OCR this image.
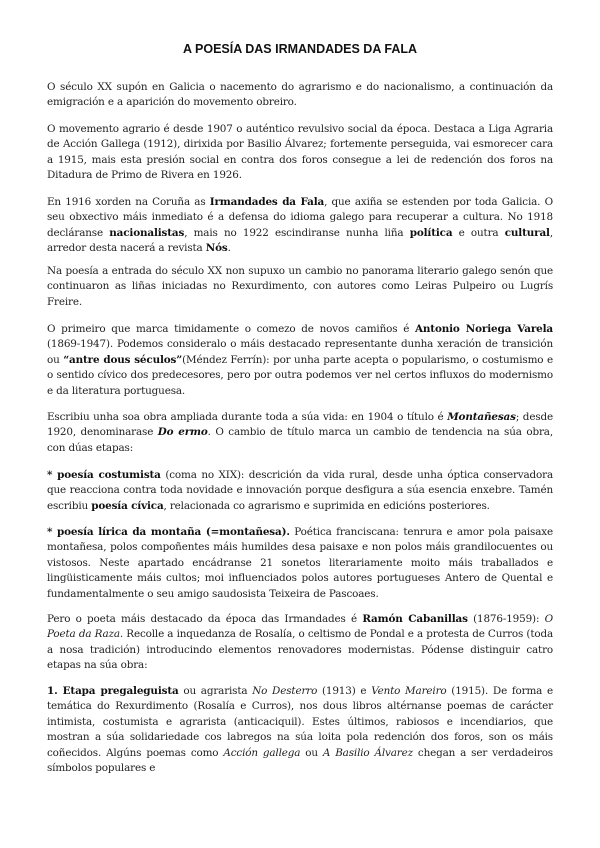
A POESÍA DAS IRMANDADES DA FALA

O século XX supón en Galicia o nacemento do agrarismo e do nacionalismo, a continuación da emigración e a aparición do movemento obreiro.

O movemento agrario é desde 1907 o auténtico revulsivo social da época. Destaca a Liga Agraria de Acción Gallega (1912), dirixida por Basilio Álvarez; fortemente perseguida, vai esmorecer cara a 1915, mais esta presión social en contra dos foros consegue a lei de redención dos foros na Ditadura de Primo de Rivera en 1926.

En 1916 xorden na Coruña as Irmandades da Fala, que axiña se estenden por toda Galicia. O seu obxectivo máis inmediato é a defensa do idioma galego para recuperar a cultura. No 1918 decláranse nacionalistas, mais no 1922 escindiranse nunha liña política e outra cultural, arredor desta nacerá a revista Nós.

Na poesía a entrada do século XX non supuxo un cambio no panorama literario galego senón que continuaron as liñas iniciadas no Rexurdimento, con autores como Leiras Pulpeiro ou Lugrís Freire.

O primeiro que marca timidamente o comezo de novos camiños é Antonio Noriega Varela (1869-1947). Podemos consideralo o máis destacado representante dunha xeración de transición ou “antre dous séculos”(Méndez Ferrín): por unha parte acepta o popularismo, o costumismo e o sentido cívico dos predecesores, pero por outra podemos ver nel certos influxos do modernismo e da literatura portuguesa.

Escribiu unha soa obra ampliada durante toda a súa vida: en 1904 o título é Montañesas; desde 1920, denominarase Do ermo. O cambio de título marca un cambio de tendencia na súa obra, con dúas etapas:

* poesía costumista (coma no XIX): descrición da vida rural, desde unha óptica conservadora que reacciona contra toda novidade e innovación porque desfigura a súa esencia enxebre. Tamén escribiu poesía cívica, relacionada co agrarismo e suprimida en edicións posteriores.

* poesía lírica da montaña (=montañesa). Poética franciscana: tenrura e amor pola paisaxe montañesa, polos compoñentes máis humildes desa paisaxe e non polos máis grandilocuentes ou vistosos. Neste apartado encádranse 21 sonetos literariamente moito máis traballados e lingüisticamente máis cultos; moi influenciados polos autores portugueses Antero de Quental e fundamentalmente o seu amigo saudosista Teixeira de Pascoaes.

Pero o poeta máis destacado da época das Irmandades é Ramón Cabanillas (1876-1959): O Poeta da Raza. Recolle a inquedanza de Rosalía, o celtismo de Pondal e a protesta de Curros (toda a nosa tradición) introducindo elementos renovadores modernistas. Pódense distinguir catro etapas na súa obra:

1. Etapa pregaleguista ou agrarista No Desterro (1913) e Vento Mareiro (1915). De forma e temática do Rexurdimento (Rosalía e Curros), nos dous libros altérnanse poemas de carácter intimista, costumista e agrarista (anticaciquil). Estes últimos, rabiosos e incendiarios, que mostran a súa solidariedade cos labregos na súa loita pola redención dos foros, son os máis coñecidos. Algúns poemas como Acción gallega ou A Basilio Álvarez chegan a ser verdadeiros símbolos populares e
